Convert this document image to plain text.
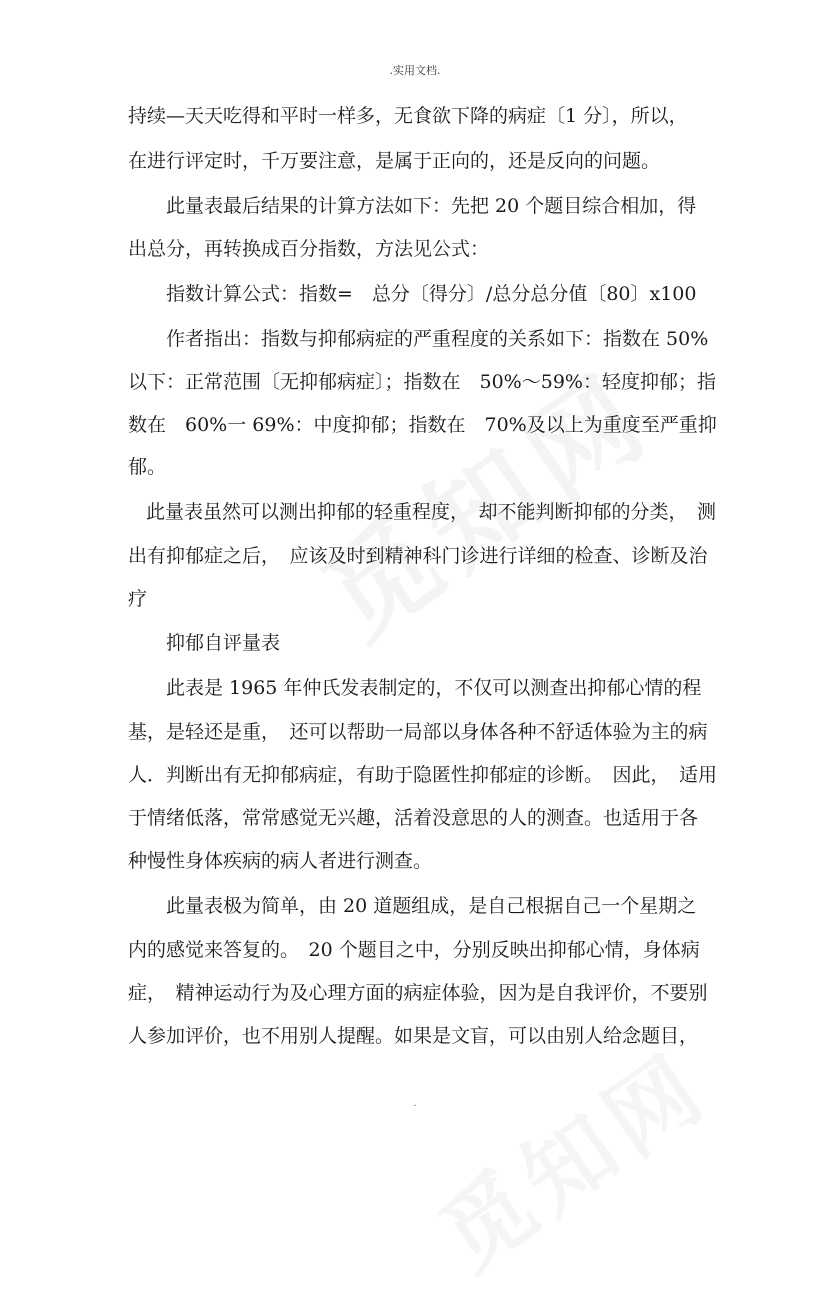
.实用文档.
持续—天天吃得和平时一样多，无食欲下降的病症〔1 分〕，所以，
在进行评定时，千万要注意，是属于正向的，还是反向的问题。
此量表最后结果的计算方法如下：先把 20 个题目综合相加，得
出总分，再转换成百分指数，方法见公式：
指数计算公式：指数=　总分〔得分〕/总分总分值〔80〕x100
作者指出：指数与抑郁病症的严重程度的关系如下：指数在 50%
以下：正常范围〔无抑郁病症〕；指数在　50%～59%：轻度抑郁；指
数在　60%一 69%：中度抑郁；指数在　70%及以上为重度至严重抑
郁。
此量表虽然可以测出抑郁的轻重程度，　却不能判断抑郁的分类，　测
出有抑郁症之后，　应该及时到精神科门诊进行详细的检查、诊断及治
疗
抑郁自评量表
此表是 1965 年仲氏发表制定的，不仅可以测查出抑郁心情的程
基，是轻还是重，　还可以帮助一局部以身体各种不舒适体验为主的病
人．判断出有无抑郁病症，有助于隐匿性抑郁症的诊断。　因此，　适用
于情绪低落，常常感觉无兴趣，活着没意思的人的测查。也适用于各
种慢性身体疾病的病人者进行测查。
此量表极为简单，由 20 道题组成，是自己根据自己一个星期之
内的感觉来答复的。　20 个题目之中，分别反映出抑郁心情，身体病
症，　精神运动行为及心理方面的病症体验，因为是自我评价，不要别
人参加评价，也不用别人提醒。如果是文盲，可以由别人给念题目，
.
